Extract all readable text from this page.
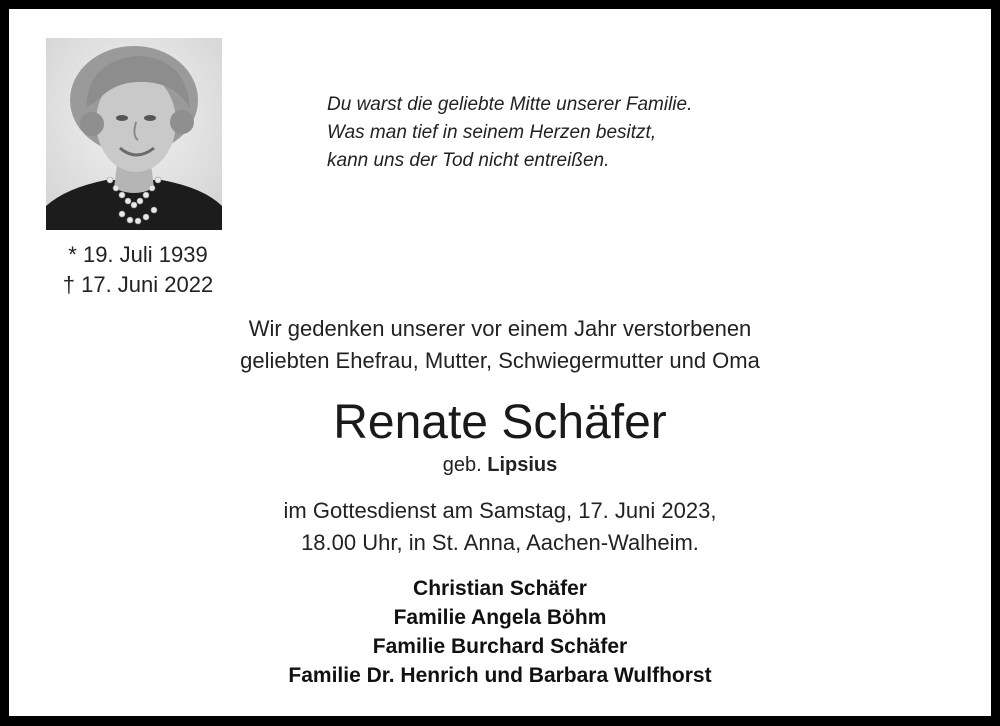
* 19. Juli 1939
† 17. Juni 2022
Du warst die geliebte Mitte unserer Familie.
Was man tief in seinem Herzen besitzt,
kann uns der Tod nicht entreißen.
Wir gedenken unserer vor einem Jahr verstorbenen
geliebten Ehefrau, Mutter, Schwiegermutter und Oma
Renate Schäfer
geb. Lipsius
im Gottesdienst am Samstag, 17. Juni 2023,
18.00 Uhr, in St. Anna, Aachen-Walheim.
Christian Schäfer
Familie Angela Böhm
Familie Burchard Schäfer
Familie Dr. Henrich und Barbara Wulfhorst
